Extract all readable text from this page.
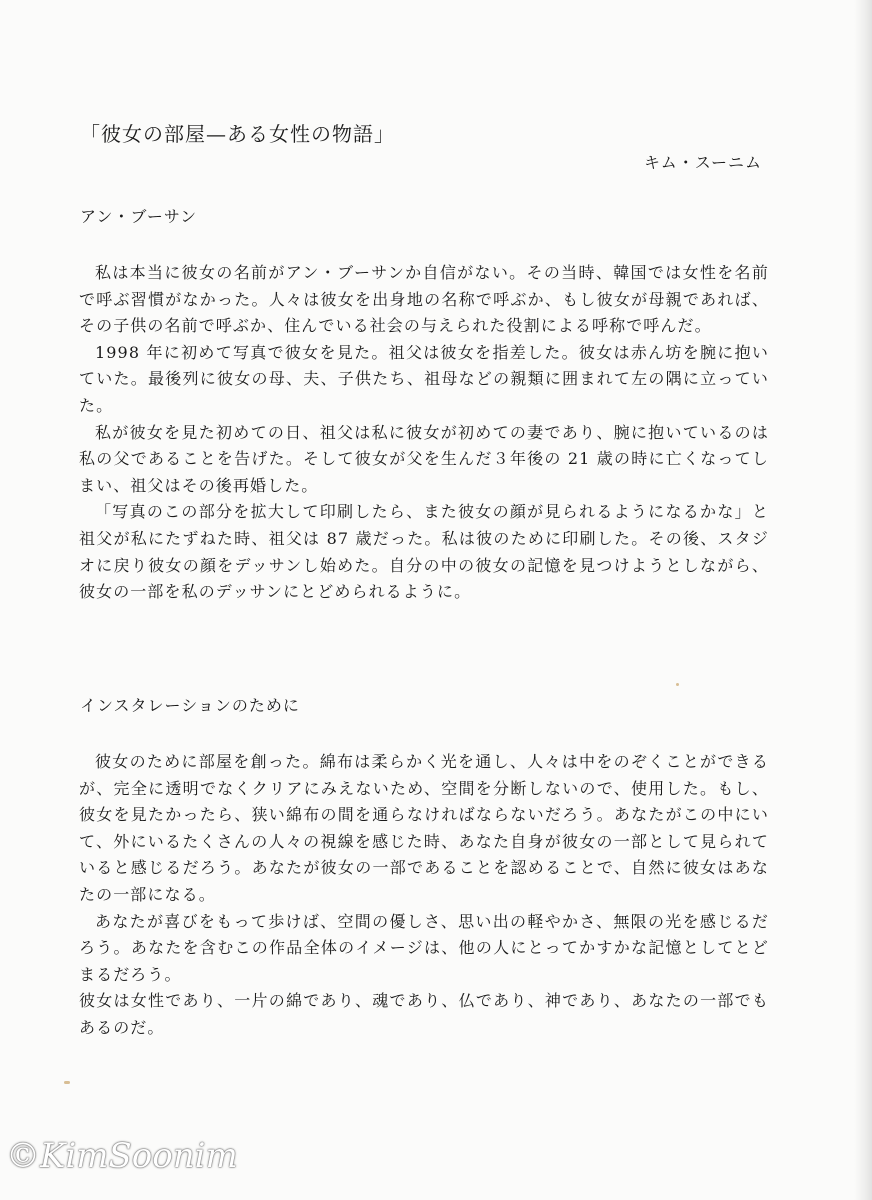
「彼女の部屋—ある女性の物語」
キム・スーニム
アン・ブーサン

私は本当に彼女の名前がアン・ブーサンか自信がない。その当時、韓国では女性を名前で呼ぶ習慣がなかった。人々は彼女を出身地の名称で呼ぶか、もし彼女が母親であれば、その子供の名前で呼ぶか、住んでいる社会の与えられた役割による呼称で呼んだ。

1998 年に初めて写真で彼女を見た。祖父は彼女を指差した。彼女は赤ん坊を腕に抱いていた。最後列に彼女の母、夫、子供たち、祖母などの親類に囲まれて左の隅に立っていた。

私が彼女を見た初めての日、祖父は私に彼女が初めての妻であり、腕に抱いているのは私の父であることを告げた。そして彼女が父を生んだ３年後の 21 歳の時に亡くなってしまい、祖父はその後再婚した。

「写真のこの部分を拡大して印刷したら、また彼女の顔が見られるようになるかな」と祖父が私にたずねた時、祖父は 87 歳だった。私は彼のために印刷した。その後、スタジオに戻り彼女の顔をデッサンし始めた。自分の中の彼女の記憶を見つけようとしながら、彼女の一部を私のデッサンにとどめられるように。

インスタレーションのために

彼女のために部屋を創った。綿布は柔らかく光を通し、人々は中をのぞくことができるが、完全に透明でなくクリアにみえないため、空間を分断しないので、使用した。もし、彼女を見たかったら、狭い綿布の間を通らなければならないだろう。あなたがこの中にいて、外にいるたくさんの人々の視線を感じた時、あなた自身が彼女の一部として見られていると感じるだろう。あなたが彼女の一部であることを認めることで、自然に彼女はあなたの一部になる。

あなたが喜びをもって歩けば、空間の優しさ、思い出の軽やかさ、無限の光を感じるだろう。あなたを含むこの作品全体のイメージは、他の人にとってかすかな記憶としてとどまるだろう。

彼女は女性であり、一片の綿であり、魂であり、仏であり、神であり、あなたの一部でもあるのだ。

©KimSoonim
